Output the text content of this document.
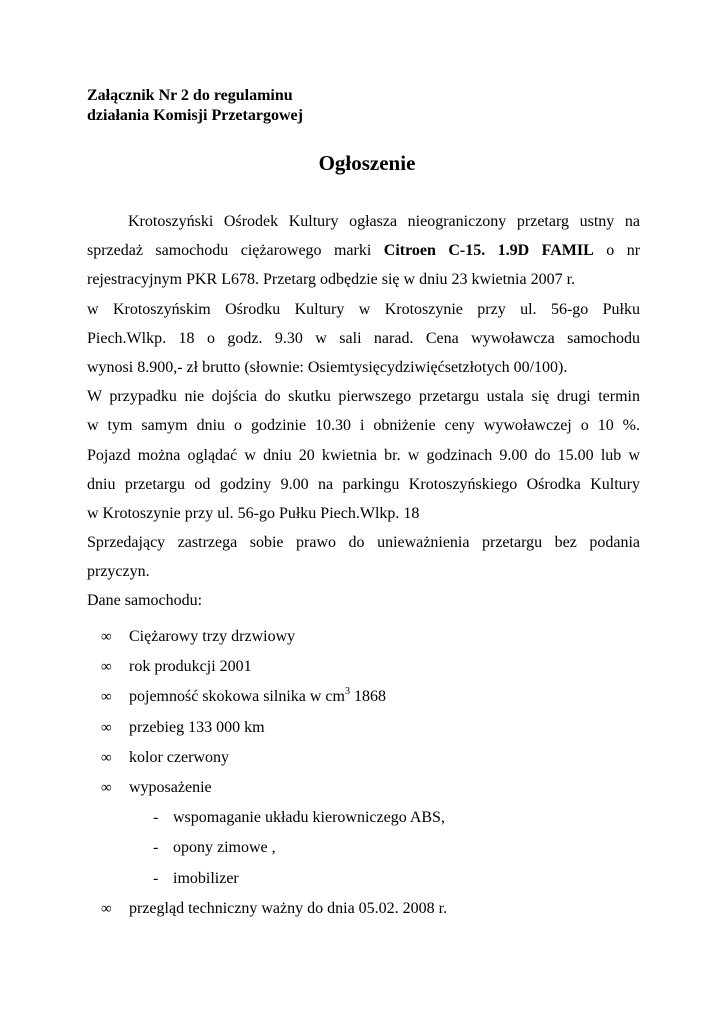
Załącznik Nr 2 do regulaminu
działania Komisji Przetargowej
Ogłoszenie
Krotoszyński Ośrodek Kultury ogłasza nieograniczony przetarg ustny na
sprzedaż samochodu ciężarowego marki Citroen C-15. 1.9D FAMIL o nr
rejestracyjnym PKR L678. Przetarg odbędzie się w dniu 23 kwietnia 2007 r.
w Krotoszyńskim Ośrodku Kultury w Krotoszynie przy ul. 56-go Pułku
Piech.Wlkp. 18 o godz. 9.30 w sali narad. Cena wywoławcza samochodu
wynosi 8.900,- zł brutto (słownie: Osiemtysięcydziwięćsetzłotych 00/100).
W przypadku nie dojścia do skutku pierwszego przetargu ustala się drugi termin
w tym samym dniu o godzinie 10.30 i obniżenie ceny wywoławczej o 10 %.
Pojazd można oglądać w dniu 20 kwietnia br. w godzinach 9.00 do 15.00 lub w
dniu przetargu od godziny 9.00 na parkingu Krotoszyńskiego Ośrodka Kultury
w Krotoszynie przy ul. 56-go Pułku Piech.Wlkp. 18
Sprzedający zastrzega sobie prawo do unieważnienia przetargu bez podania
przyczyn.
Dane samochodu:
∞	Ciężarowy trzy drzwiowy
∞	rok produkcji 2001
∞	pojemność skokowa silnika w $cm^3$ 1868
∞	przebieg 133 000 km
∞	kolor czerwony
∞	wyposażenie
- wspomaganie układu kierowniczego ABS,
- opony zimowe ,
- imobilizer
∞	przegląd techniczny ważny do dnia 05.02. 2008 r.
